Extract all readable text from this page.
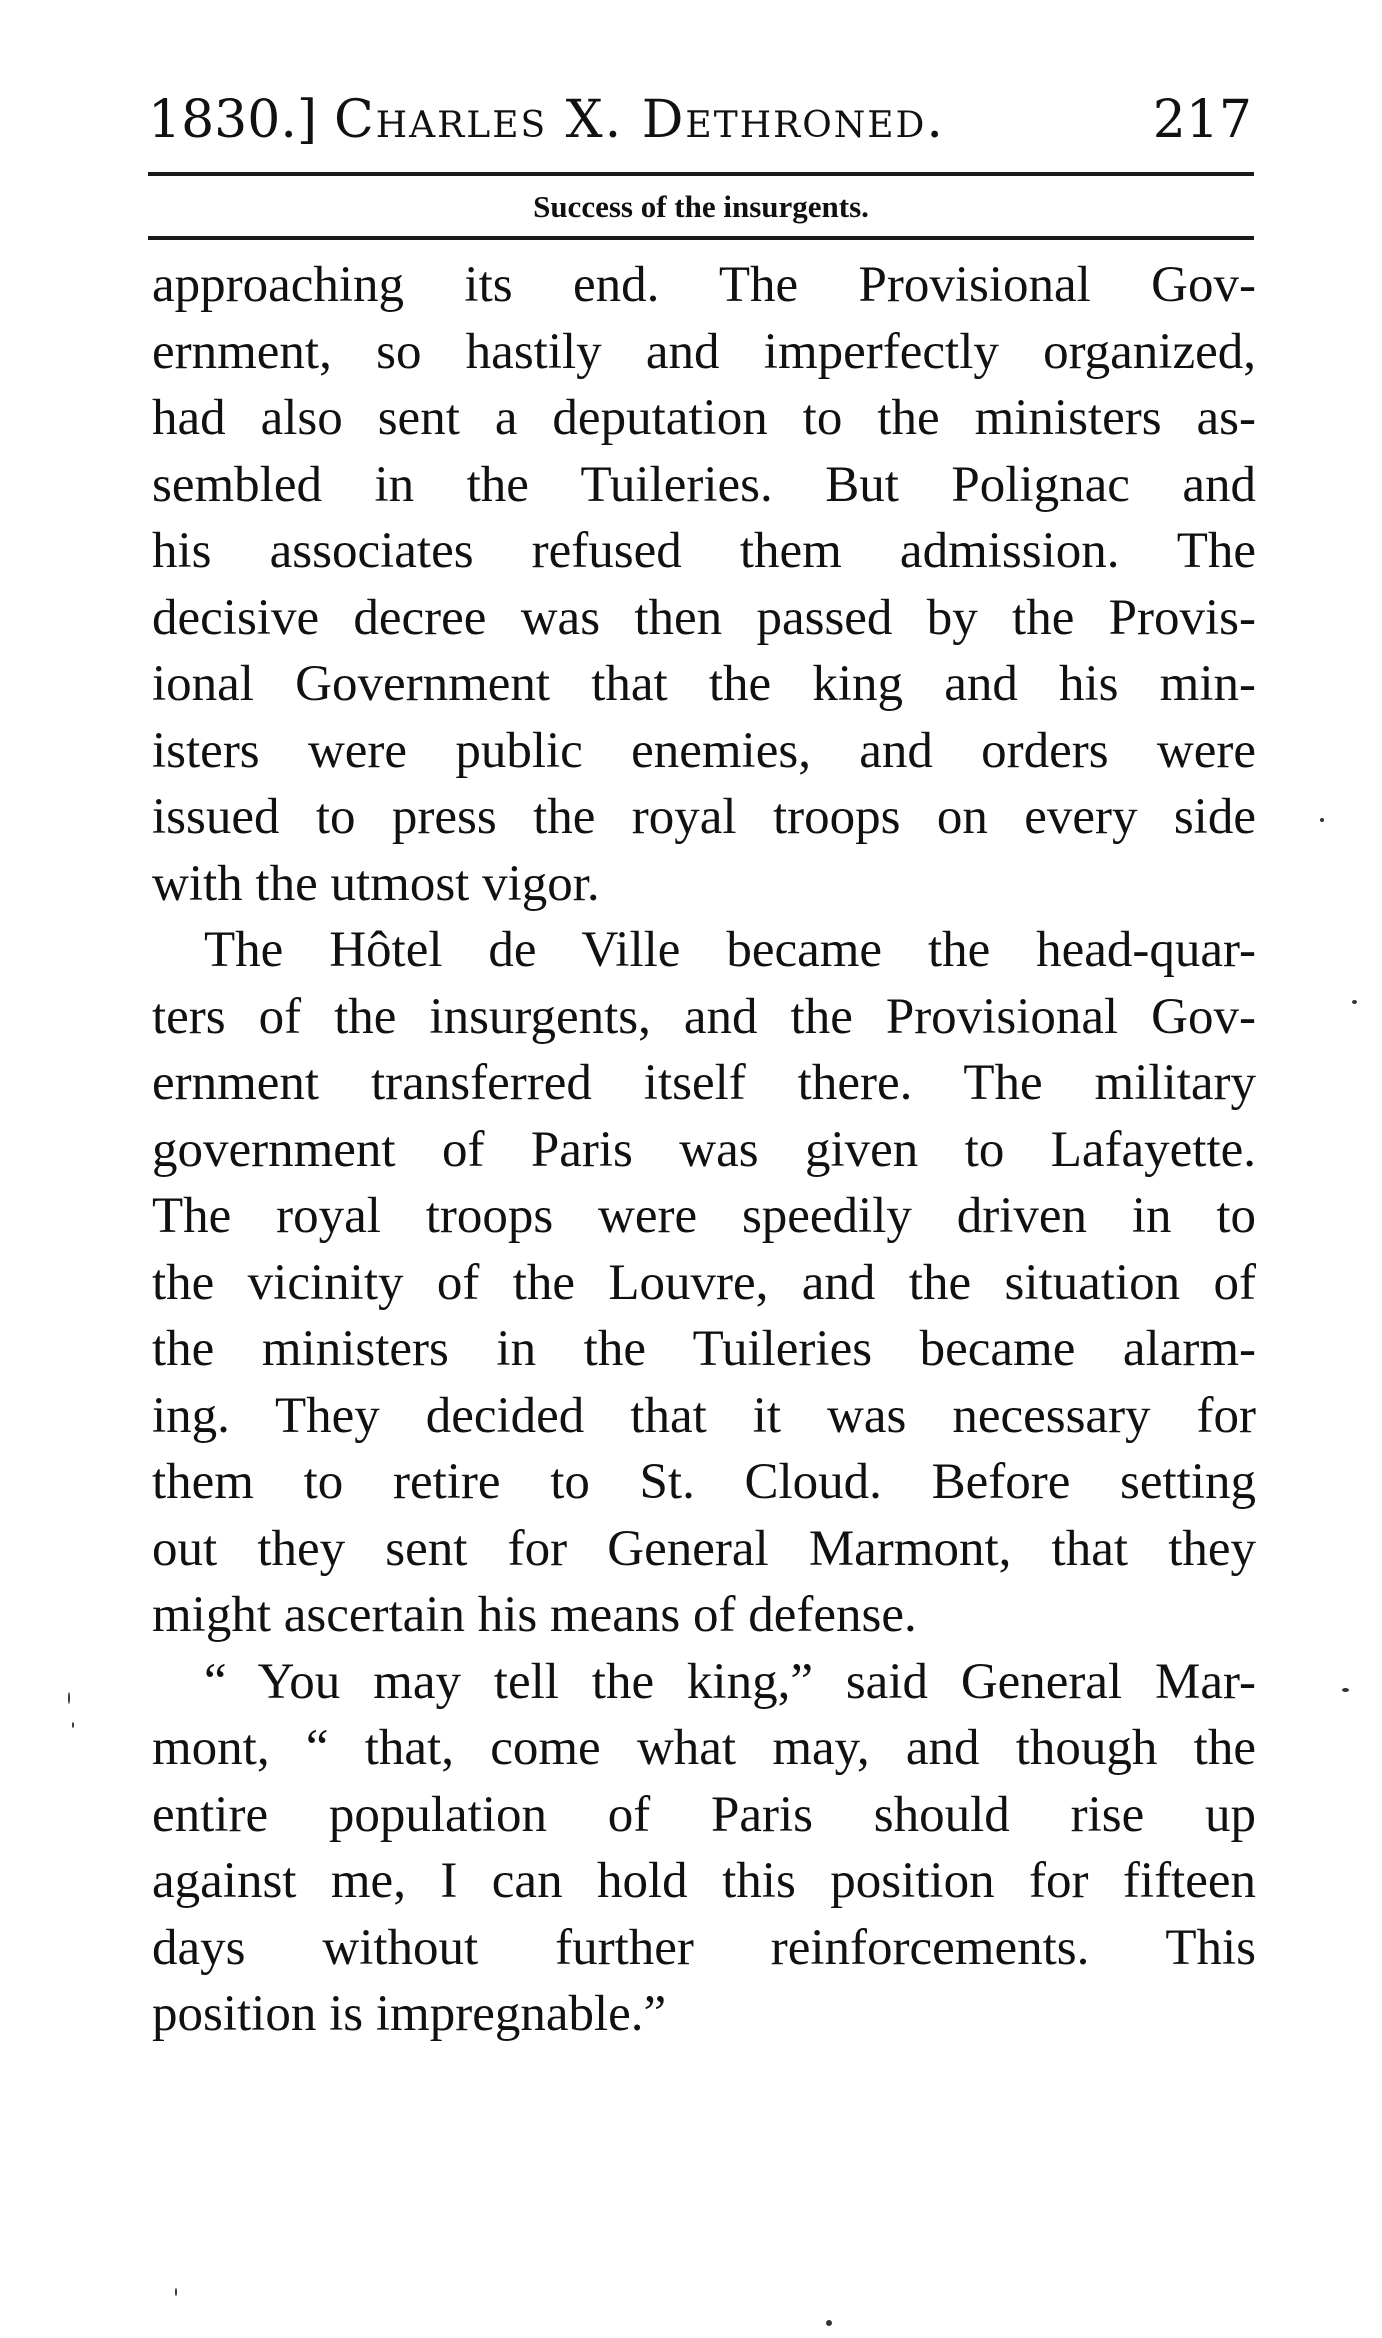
1830.] Charles X. Dethroned.	217
Success of the insurgents.
approaching its end. The Provisional Gov-
ernment, so hastily and imperfectly organized,
had also sent a deputation to the ministers as-
sembled in the Tuileries. But Polignac and
his associates refused them admission. The
decisive decree was then passed by the Provis-
ional Government that the king and his min-
isters were public enemies, and orders were
issued to press the royal troops on every side
with the utmost vigor.
The Hôtel de Ville became the head-quar-
ters of the insurgents, and the Provisional Gov-
ernment transferred itself there. The military
government of Paris was given to Lafayette.
The royal troops were speedily driven in to
the vicinity of the Louvre, and the situation of
the ministers in the Tuileries became alarm-
ing. They decided that it was necessary for
them to retire to St. Cloud. Before setting
out they sent for General Marmont, that they
might ascertain his means of defense.
“ You may tell the king,” said General Mar-
mont, “ that, come what may, and though the
entire population of Paris should rise up
against me, I can hold this position for fifteen
days without further reinforcements. This
position is impregnable.”
